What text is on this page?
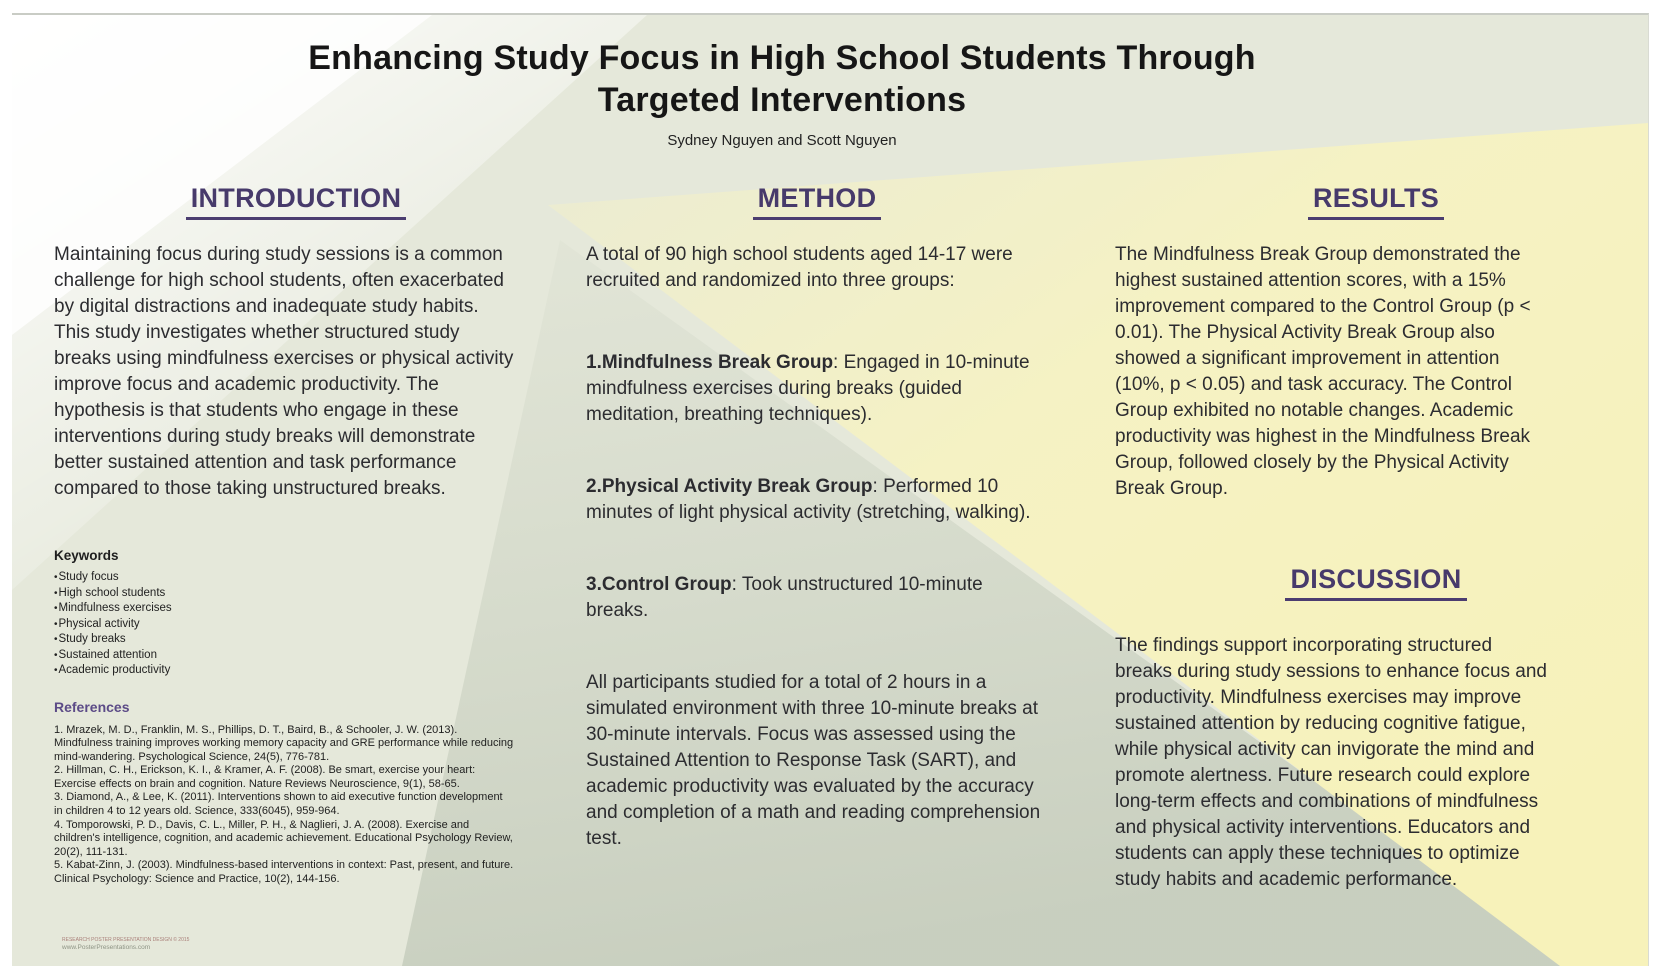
Enhancing Study Focus in High School Students Through
Targeted Interventions
Sydney Nguyen and Scott Nguyen
INTRODUCTION
Maintaining focus during study sessions is a common challenge for high school students, often exacerbated by digital distractions and inadequate study habits. This study investigates whether structured study breaks using mindfulness exercises or physical activity improve focus and academic productivity. The hypothesis is that students who engage in these interventions during study breaks will demonstrate better sustained attention and task performance compared to those taking unstructured breaks.
Keywords
• Study focus
• High school students
• Mindfulness exercises
• Physical activity
• Study breaks
• Sustained attention
• Academic productivity
References
1. Mrazek, M. D., Franklin, M. S., Phillips, D. T., Baird, B., & Schooler, J. W. (2013). Mindfulness training improves working memory capacity and GRE performance while reducing mind-wandering. Psychological Science, 24(5), 776-781.
2. Hillman, C. H., Erickson, K. I., & Kramer, A. F. (2008). Be smart, exercise your heart: Exercise effects on brain and cognition. Nature Reviews Neuroscience, 9(1), 58-65.
3. Diamond, A., & Lee, K. (2011). Interventions shown to aid executive function development in children 4 to 12 years old. Science, 333(6045), 959-964.
4. Tomporowski, P. D., Davis, C. L., Miller, P. H., & Naglieri, J. A. (2008). Exercise and children's intelligence, cognition, and academic achievement. Educational Psychology Review, 20(2), 111-131.
5. Kabat-Zinn, J. (2003). Mindfulness-based interventions in context: Past, present, and future. Clinical Psychology: Science and Practice, 10(2), 144-156.
METHOD
A total of 90 high school students aged 14-17 were recruited and randomized into three groups:
1.Mindfulness Break Group: Engaged in 10-minute mindfulness exercises during breaks (guided meditation, breathing techniques).
2.Physical Activity Break Group: Performed 10 minutes of light physical activity (stretching, walking).
3.Control Group: Took unstructured 10-minute breaks.
All participants studied for a total of 2 hours in a simulated environment with three 10-minute breaks at 30-minute intervals. Focus was assessed using the Sustained Attention to Response Task (SART), and academic productivity was evaluated by the accuracy and completion of a math and reading comprehension test.
RESULTS
The Mindfulness Break Group demonstrated the highest sustained attention scores, with a 15% improvement compared to the Control Group (p < 0.01). The Physical Activity Break Group also showed a significant improvement in attention (10%, p < 0.05) and task accuracy. The Control Group exhibited no notable changes. Academic productivity was highest in the Mindfulness Break Group, followed closely by the Physical Activity Break Group.
DISCUSSION
The findings support incorporating structured breaks during study sessions to enhance focus and productivity. Mindfulness exercises may improve sustained attention by reducing cognitive fatigue, while physical activity can invigorate the mind and promote alertness. Future research could explore long-term effects and combinations of mindfulness and physical activity interventions. Educators and students can apply these techniques to optimize study habits and academic performance.
RESEARCH POSTER PRESENTATION DESIGN © 2015
www.PosterPresentations.com
